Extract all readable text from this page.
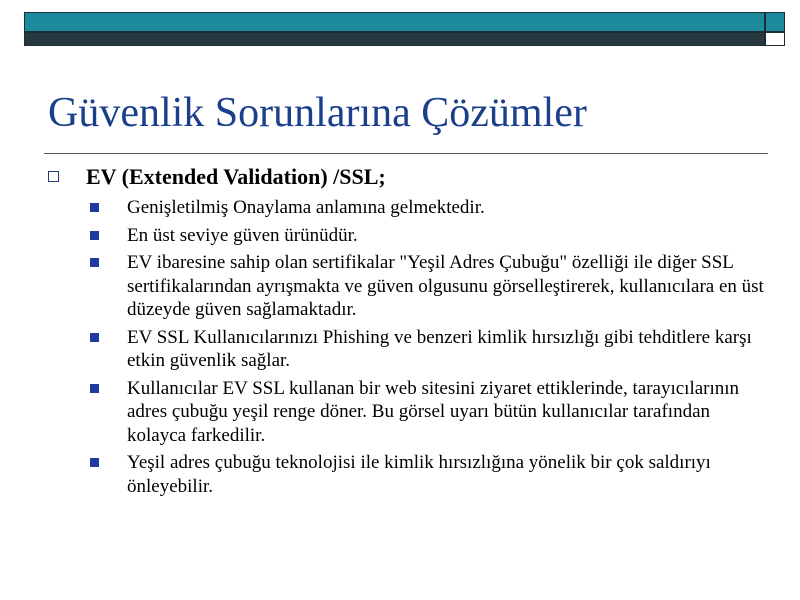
Güvenlik Sorunlarına Çözümler
EV (Extended Validation) /SSL;
Genişletilmiş Onaylama anlamına gelmektedir.
En üst seviye güven ürünüdür.
EV ibaresine sahip olan sertifikalar "Yeşil Adres Çubuğu" özelliği ile diğer SSL sertifikalarından ayrışmakta ve güven olgusunu görselleştirerek, kullanıcılara en üst düzeyde güven sağlamaktadır.
EV SSL Kullanıcılarınızı Phishing ve benzeri kimlik hırsızlığı gibi tehditlere karşı etkin güvenlik sağlar.
Kullanıcılar EV SSL kullanan bir web sitesini ziyaret ettiklerinde, tarayıcılarının adres çubuğu yeşil renge döner. Bu görsel uyarı bütün kullanıcılar tarafından kolayca farkedilir.
Yeşil adres çubuğu teknolojisi ile kimlik hırsızlığına yönelik bir çok saldırıyı önleyebilir.
